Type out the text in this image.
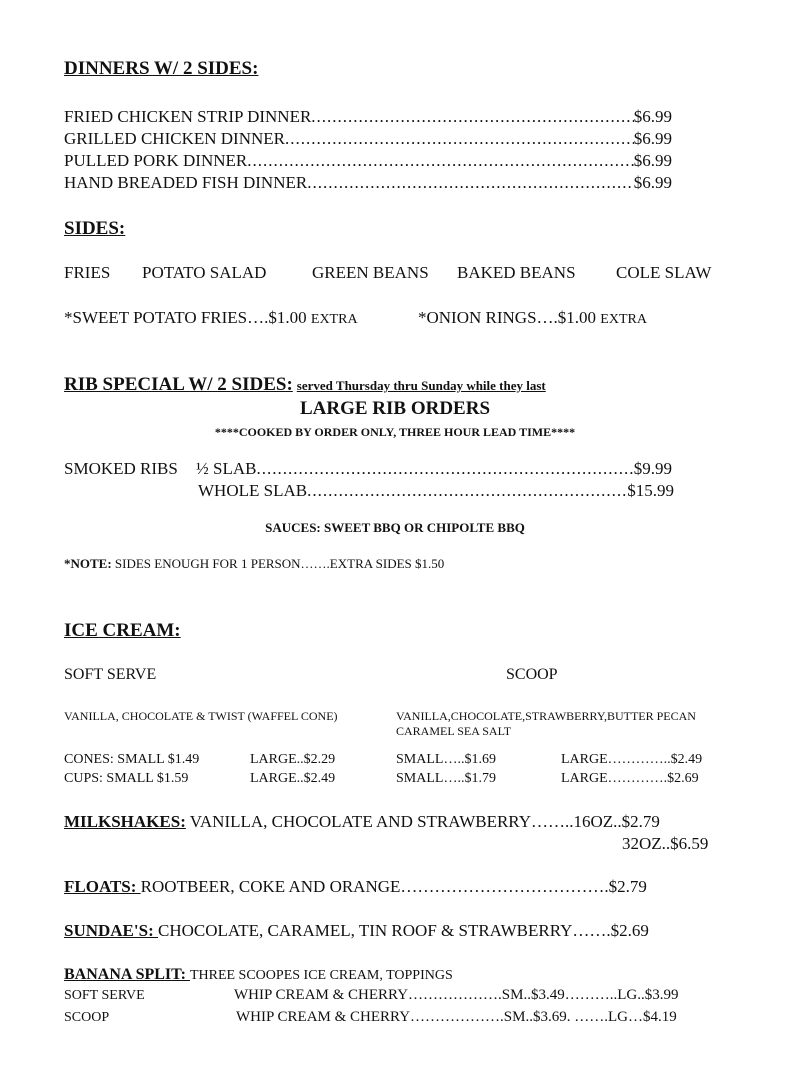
DINNERS W/ 2 SIDES:
FRIED CHICKEN STRIP DINNER .....	$6.99
GRILLED CHICKEN DINNER .....	$6.99
PULLED PORK DINNER .....	$6.99
HAND BREADED FISH DINNER .....	$6.99
SIDES:
FRIES POTATO SALAD	GREEN BEANS BAKED BEANS COLE SLAW
*SWEET POTATO FRIES….$1.00 EXTRA	*ONION RINGS….$1.00 EXTRA
RIB SPECIAL W/ 2 SIDES: served Thursday thru Sunday while they last
LARGE RIB ORDERS
****COOKED BY ORDER ONLY, THREE HOUR LEAD TIME****
SMOKED RIBS ½ SLAB .....	$9.99
WHOLE SLAB .....	$15.99
SAUCES: SWEET BBQ OR CHIPOLTE BBQ
*NOTE: SIDES ENOUGH FOR 1 PERSON…….EXTRA SIDES $1.50
ICE CREAM:
SOFT SERVE	SCOOP
VANILLA, CHOCOLATE & TWIST (WAFFEL CONE)	VANILLA,CHOCOLATE,STRAWBERRY,BUTTER PECAN
CARAMEL SEA SALT
CONES: SMALL $1.49	LARGE..$2.29	SMALL…..$1.69	LARGE…………..$2.49
CUPS: SMALL $1.59	LARGE..$2.49	SMALL…..$1.79	LARGE………….$2.69
MILKSHAKES: VANILLA, CHOCOLATE AND STRAWBERRY……..16OZ..$2.79
32OZ..$6.59
FLOATS: ROOTBEER, COKE AND ORANGE……………………………….$2.79
SUNDAE'S: CHOCOLATE, CARAMEL, TIN ROOF & STRAWBERRY…….$2.69
BANANA SPLIT: THREE SCOOPES ICE CREAM, TOPPINGS
SOFT SERVE	WHIP CREAM & CHERRY……………….SM..$3.49………..LG..$3.99
SCOOP	WHIP CREAM & CHERRY……………….SM..$3.69. …….LG…$4.19
